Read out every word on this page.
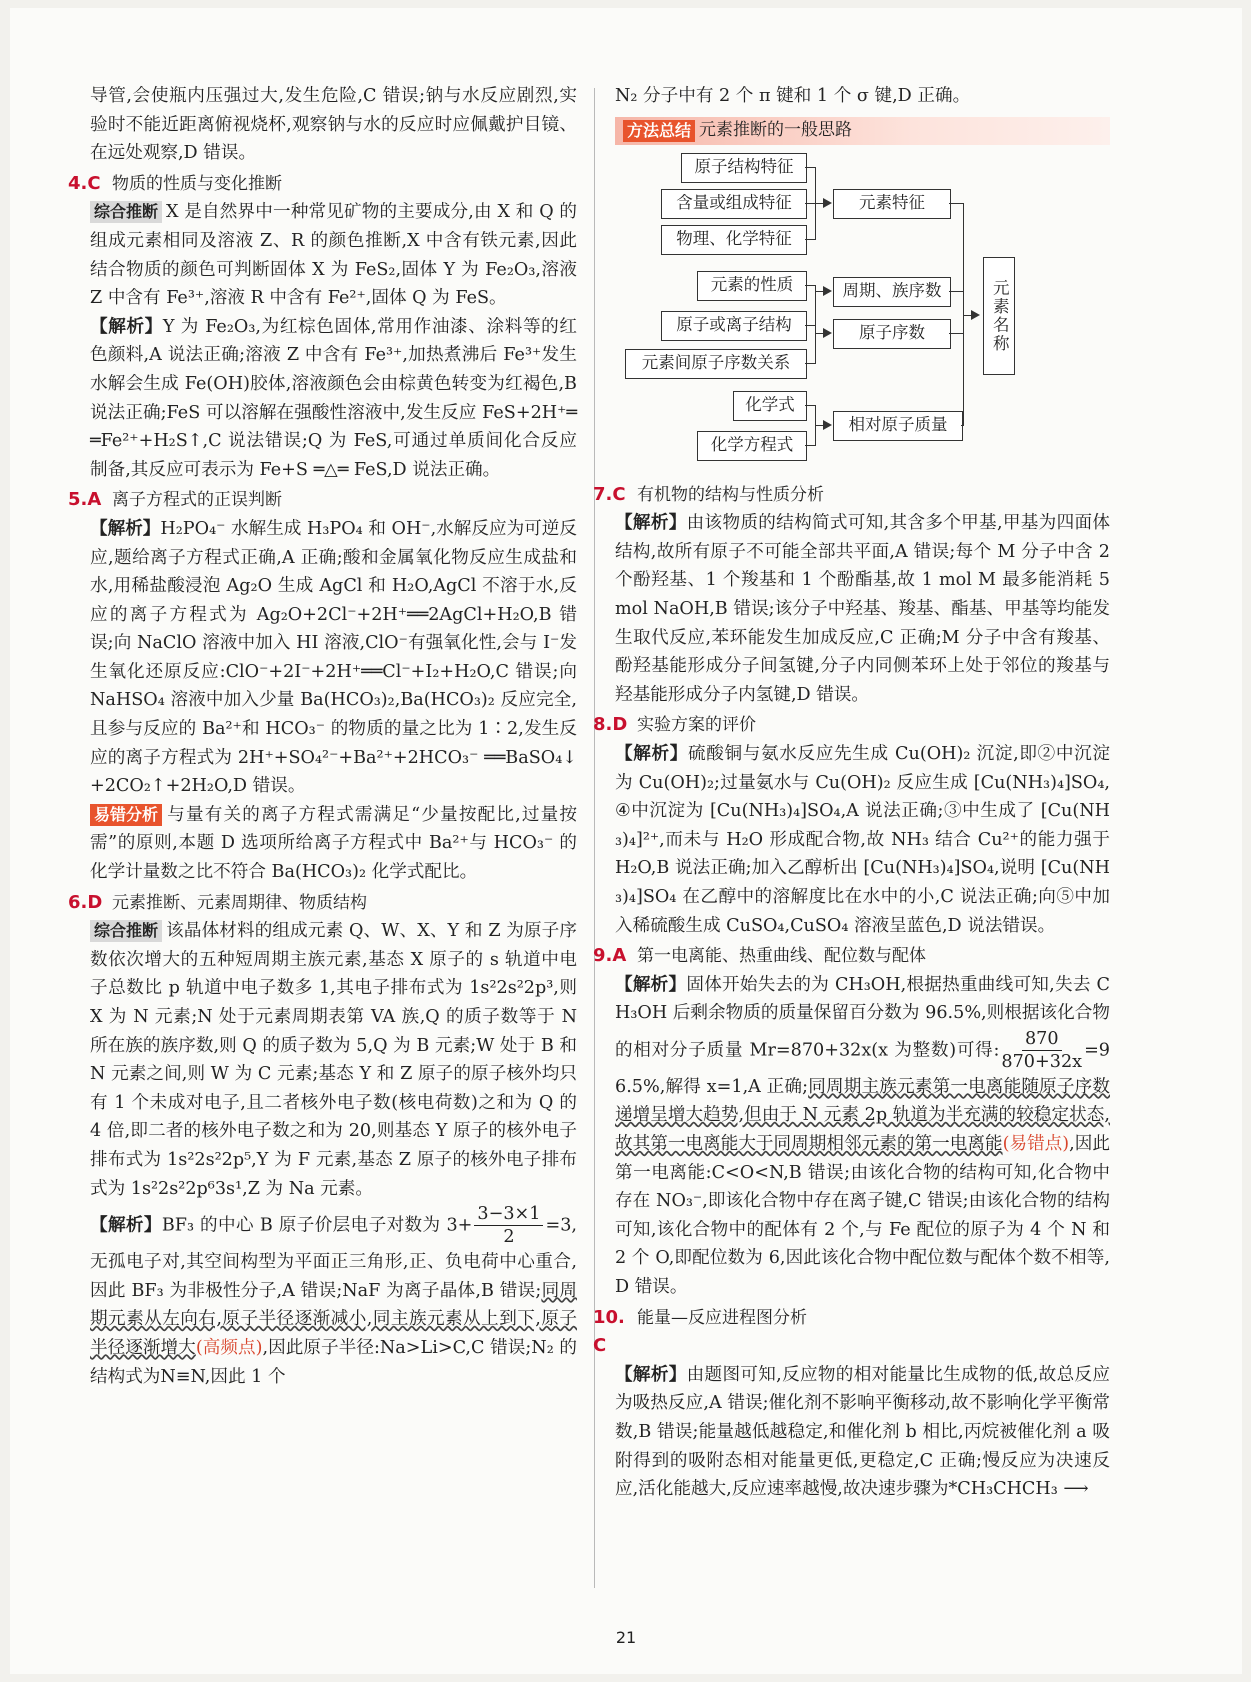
导管,会使瓶内压强过大,发生危险,C 错误;钠与水反应剧烈,实验时不能近距离俯视烧杯,观察钠与水的反应时应佩戴护目镜、在远处观察,D 错误。

4.C 物质的性质与变化推断

综合推断 X 是自然界中一种常见矿物的主要成分,由 X 和 Q 的组成元素相同及溶液 Z、R 的颜色推断,X 中含有铁元素,因此结合物质的颜色可判断固体 X 为 FeS₂,固体 Y 为 Fe₂O₃,溶液 Z 中含有 Fe³⁺,溶液 R 中含有 Fe²⁺,固体 Q 为 FeS。

【解析】Y 为 Fe₂O₃,为红棕色固体,常用作油漆、涂料等的红色颜料,A 说法正确;溶液 Z 中含有 Fe³⁺,加热煮沸后 Fe³⁺发生水解会生成 Fe(OH)胶体,溶液颜色会由棕黄色转变为红褐色,B 说法正确;FeS 可以溶解在强酸性溶液中,发生反应 FeS+2H⁺══Fe²⁺+H₂S↑,C 说法错误;Q 为 FeS,可通过单质间化合反应制备,其反应可表示为 Fe+S ═△═ FeS,D 说法正确。

5.A 离子方程式的正误判断

【解析】H₂PO₄⁻ 水解生成 H₃PO₄ 和 OH⁻,水解反应为可逆反应,题给离子方程式正确,A 正确;酸和金属氧化物反应生成盐和水,用稀盐酸浸泡 Ag₂O 生成 AgCl 和 H₂O,AgCl 不溶于水,反应的离子方程式为 Ag₂O+2Cl⁻+2H⁺══2AgCl+H₂O,B 错误;向 NaClO 溶液中加入 HI 溶液,ClO⁻有强氧化性,会与 I⁻发生氧化还原反应:ClO⁻+2I⁻+2H⁺══Cl⁻+I₂+H₂O,C 错误;向 NaHSO₄ 溶液中加入少量 Ba(HCO₃)₂,Ba(HCO₃)₂ 反应完全,且参与反应的 Ba²⁺和 HCO₃⁻ 的物质的量之比为 1∶2,发生反应的离子方程式为 2H⁺+SO₄²⁻+Ba²⁺+2HCO₃⁻ ══BaSO₄↓+2CO₂↑+2H₂O,D 错误。

易错分析 与量有关的离子方程式需满足“少量按配比,过量按需”的原则,本题 D 选项所给离子方程式中 Ba²⁺与 HCO₃⁻ 的化学计量数之比不符合 Ba(HCO₃)₂ 化学式配比。

6.D 元素推断、元素周期律、物质结构

综合推断 该晶体材料的组成元素 Q、W、X、Y 和 Z 为原子序数依次增大的五种短周期主族元素,基态 X 原子的 s 轨道中电子总数比 p 轨道中电子数多 1,其电子排布式为 1s²2s²2p³,则 X 为 N 元素;N 处于元素周期表第 VA 族,Q 的质子数等于 N 所在族的族序数,则 Q 的质子数为 5,Q 为 B 元素;W 处于 B 和 N 元素之间,则 W 为 C 元素;基态 Y 和 Z 原子的原子核外均只有 1 个未成对电子,且二者核外电子数(核电荷数)之和为 Q 的 4 倍,即二者的核外电子数之和为 20,则基态 Y 原子的核外电子排布式为 1s²2s²2p⁵,Y 为 F 元素,基态 Z 原子的核外电子排布式为 1s²2s²2p⁶3s¹,Z 为 Na 元素。

【解析】BF₃ 的中心 B 原子价层电子对数为 $3+ \frac{3-3\times 1}{2} =3$,无孤电子对,其空间构型为平面正三角形,正、负电荷中心重合,因此 BF₃ 为非极性分子,A 错误;NaF 为离子晶体,B 错误;同周期元素从左向右,原子半径逐渐减小,同主族元素从上到下,原子半径逐渐增大(高频点),因此原子半径:Na>Li>C,C 错误;N₂ 的结构式为N≡N,因此 1 个

N₂ 分子中有 2 个 π 键和 1 个 σ 键,D 正确。

方法总结 元素推断的一般思路
原子结构特征
含量或组成特征
物理、化学特征
元素特征
元素的性质
原子或离子结构
元素间原子序数关系
周期、族序数
原子序数
化学式
化学方程式
相对原子质量
元素名称
7.C 有机物的结构与性质分析

【解析】由该物质的结构简式可知,其含多个甲基,甲基为四面体结构,故所有原子不可能全部共平面,A 错误;每个 M 分子中含 2 个酚羟基、1 个羧基和 1 个酚酯基,故 1 mol M 最多能消耗 5 mol NaOH,B 错误;该分子中羟基、羧基、酯基、甲基等均能发生取代反应,苯环能发生加成反应,C 正确;M 分子中含有羧基、酚羟基能形成分子间氢键,分子内同侧苯环上处于邻位的羧基与羟基能形成分子内氢键,D 错误。

8.D 实验方案的评价

【解析】硫酸铜与氨水反应先生成 Cu(OH)₂ 沉淀,即②中沉淀为 Cu(OH)₂;过量氨水与 Cu(OH)₂ 反应生成 [Cu(NH₃)₄]SO₄,④中沉淀为 [Cu(NH₃)₄]SO₄,A 说法正确;③中生成了 [Cu(NH₃)₄]²⁺,而未与 H₂O 形成配合物,故 NH₃ 结合 Cu²⁺的能力强于 H₂O,B 说法正确;加入乙醇析出 [Cu(NH₃)₄]SO₄,说明 [Cu(NH₃)₄]SO₄ 在乙醇中的溶解度比在水中的小,C 说法正确;向⑤中加入稀硫酸生成 CuSO₄,CuSO₄ 溶液呈蓝色,D 说法错误。

9.A 第一电离能、热重曲线、配位数与配体

【解析】固体开始失去的为 CH₃OH,根据热重曲线可知,失去 CH₃OH 后剩余物质的质量保留百分数为 96.5%,则根据该化合物的相对分子质量 Mr=870+32x(x 为整数)可得: $\frac{870}{870+32x} =96.5\%$,解得 x=1,A 正确;同周期主族元素第一电离能随原子序数递增呈增大趋势,但由于 N 元素 2p 轨道为半充满的较稳定状态,故其第一电离能大于同周期相邻元素的第一电离能(易错点),因此第一电离能:C<O<N,B 错误;由该化合物的结构可知,化合物中存在 NO₃⁻,即该化合物中存在离子键,C 错误;由该化合物的结构可知,该化合物中的配体有 2 个,与 Fe 配位的原子为 4 个 N 和 2 个 O,即配位数为 6,因此该化合物中配位数与配体个数不相等,D 错误。

10.C
能量—反应进程图分析

【解析】由题图可知,反应物的相对能量比生成物的低,故总反应为吸热反应,A 错误;催化剂不影响平衡移动,故不影响化学平衡常数,B 错误;能量越低越稳定,和催化剂 b 相比,丙烷被催化剂 a 吸附得到的吸附态相对能量更低,更稳定,C 正确;慢反应为决速反应,活化能越大,反应速率越慢,故决速步骤为*CH₃CHCH₃ ⟶

21
